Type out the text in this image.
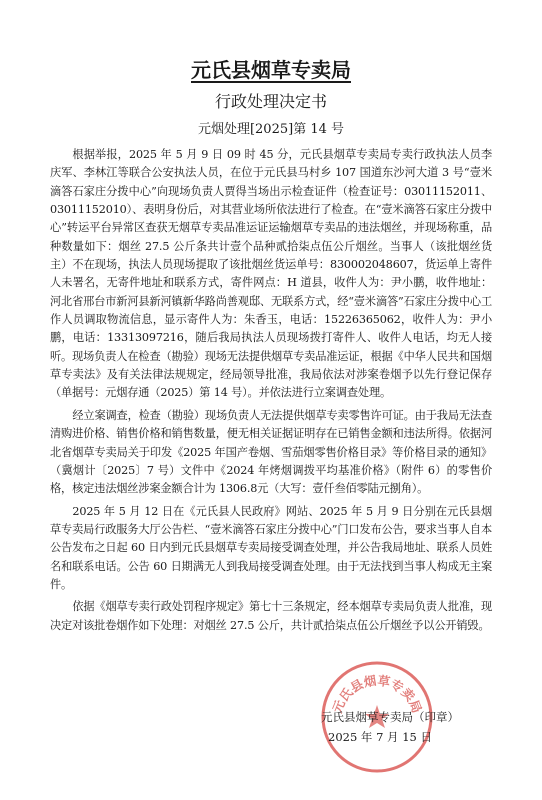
元氏县烟草专卖局
行政处理决定书
元烟处理[2025]第 14 号

根据举报，2025 年 5 月 9 日 09 时 45 分，元氏县烟草专卖局专卖行政执法人员李庆军、李林江等联合公安执法人员，在位于元氏县马村乡 107 国道东沙河大道 3 号“壹米滴答石家庄分拨中心”向现场负责人贾得当场出示检查证件（检查证号：03011152011、03011152010）、表明身份后，对其营业场所依法进行了检查。在“壹米滴答石家庄分拨中心”转运平台异常区查获无烟草专卖品准运证运输烟草专卖品的违法烟丝，并现场称重，品种数量如下：烟丝 27.5 公斤条共计壹个品种贰拾柒点伍公斤烟丝。当事人（该批烟丝货主）不在现场，执法人员现场提取了该批烟丝货运单号：830002048607，货运单上寄件人未署名，无寄件地址和联系方式，寄件网点：H 道县，收件人为：尹小鹏，收件地址：河北省邢台市新河县新河镇新华路尚善观邸、无联系方式，经“壹米滴答”石家庄分拨中心工作人员调取物流信息，显示寄件人为：朱香玉，电话：15226365062，收件人为：尹小鹏，电话：13313097216，随后我局执法人员现场拨打寄件人、收件人电话，均无人接听。现场负责人在检查（勘验）现场无法提供烟草专卖品准运证，根据《中华人民共和国烟草专卖法》及有关法律法规规定，经局领导批准，我局依法对涉案卷烟予以先行登记保存（单据号：元烟存通（2025）第 14 号）。并依法进行立案调查处理。

经立案调查，检查（勘验）现场负责人无法提供烟草专卖零售许可证。由于我局无法查清购进价格、销售价格和销售数量，便无相关证据证明存在已销售金额和违法所得。依据河北省烟草专卖局关于印发《2025 年国产卷烟、雪茄烟零售价格目录》等价格目录的通知》（冀烟计〔2025〕7 号）文件中《2024 年烤烟调拨平均基准价格》（附件 6）的零售价格，核定违法烟丝涉案金额合计为 1306.8元（大写：壹仟叁佰零陆元捌角）。

2025 年 5 月 12 日在《元氏县人民政府》网站、2025 年 5 月 9 日分别在元氏县烟草专卖局行政服务大厅公告栏、“壹米滴答石家庄分拨中心”门口发布公告，要求当事人自本公告发布之日起 60 日内到元氏县烟草专卖局接受调查处理，并公告我局地址、联系人员姓名和联系电话。公告 60 日期满无人到我局接受调查处理。由于无法找到当事人构成无主案件。

依据《烟草专卖行政处罚程序规定》第七十三条规定，经本烟草专卖局负责人批准，现决定对该批卷烟作如下处理：对烟丝 27.5 公斤，共计贰拾柒点伍公斤烟丝予以公开销毁。

元氏县烟草专卖局
元氏县烟草专卖局（印章）
2025 年 7 月 15 日
